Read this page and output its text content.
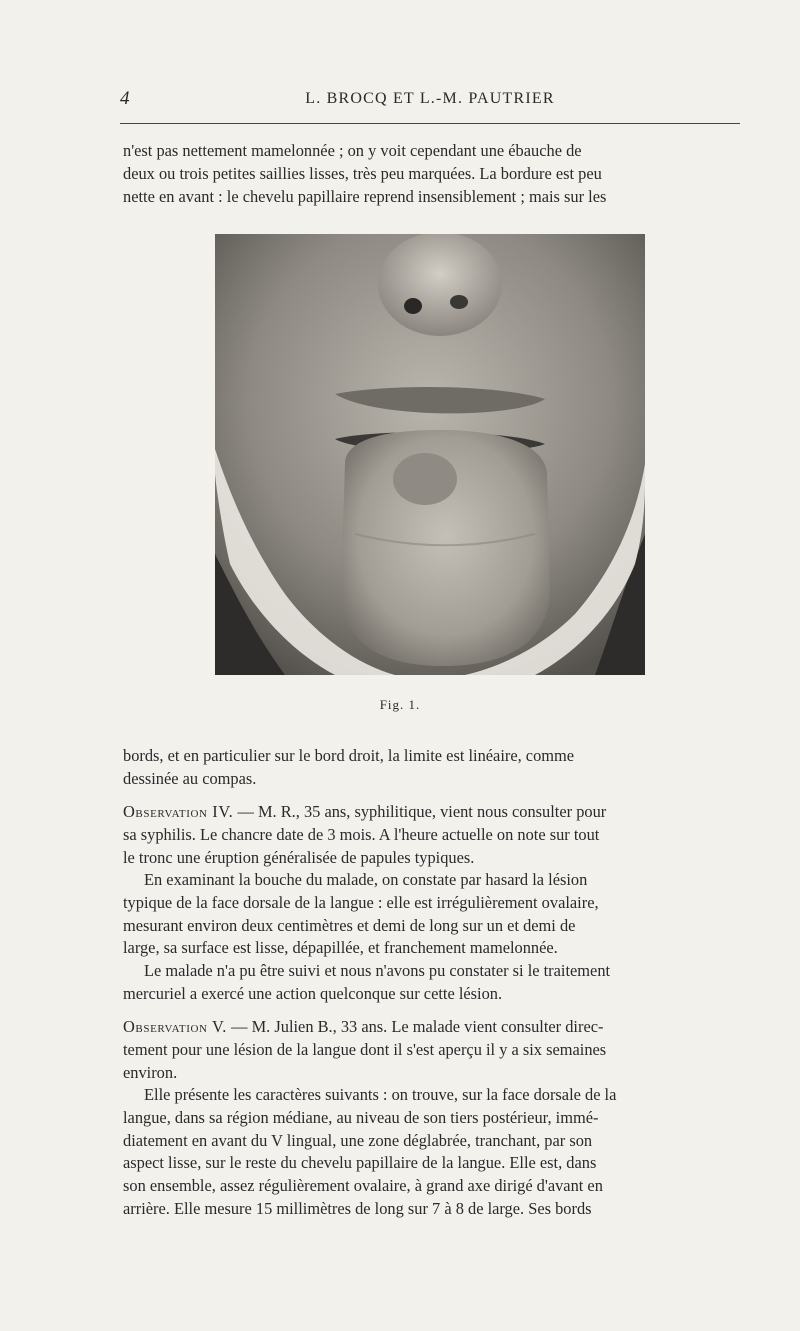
4	L. BROCQ ET L.-M. PAUTRIER
n'est pas nettement mamelonnée ; on y voit cependant une ébauche de
deux ou trois petites saillies lisses, très peu marquées. La bordure est peu
nette en avant : le chevelu papillaire reprend insensiblement ; mais sur les
Fig. 1.
bords, et en particulier sur le bord droit, la limite est linéaire, comme
dessinée au compas.
Observation IV. — M. R., 35 ans, syphilitique, vient nous consulter pour
sa syphilis. Le chancre date de 3 mois. A l'heure actuelle on note sur tout
le tronc une éruption généralisée de papules typiques.
En examinant la bouche du malade, on constate par hasard la lésion
typique de la face dorsale de la langue : elle est irrégulièrement ovalaire,
mesurant environ deux centimètres et demi de long sur un et demi de
large, sa surface est lisse, dépapillée, et franchement mamelonnée.
Le malade n'a pu être suivi et nous n'avons pu constater si le traitement
mercuriel a exercé une action quelconque sur cette lésion.
Observation V. — M. Julien B., 33 ans. Le malade vient consulter direc-
tement pour une lésion de la langue dont il s'est aperçu il y a six semaines
environ.
Elle présente les caractères suivants : on trouve, sur la face dorsale de la
langue, dans sa région médiane, au niveau de son tiers postérieur, immé-
diatement en avant du V lingual, une zone déglabrée, tranchant, par son
aspect lisse, sur le reste du chevelu papillaire de la langue. Elle est, dans
son ensemble, assez régulièrement ovalaire, à grand axe dirigé d'avant en
arrière. Elle mesure 15 millimètres de long sur 7 à 8 de large. Ses bords
